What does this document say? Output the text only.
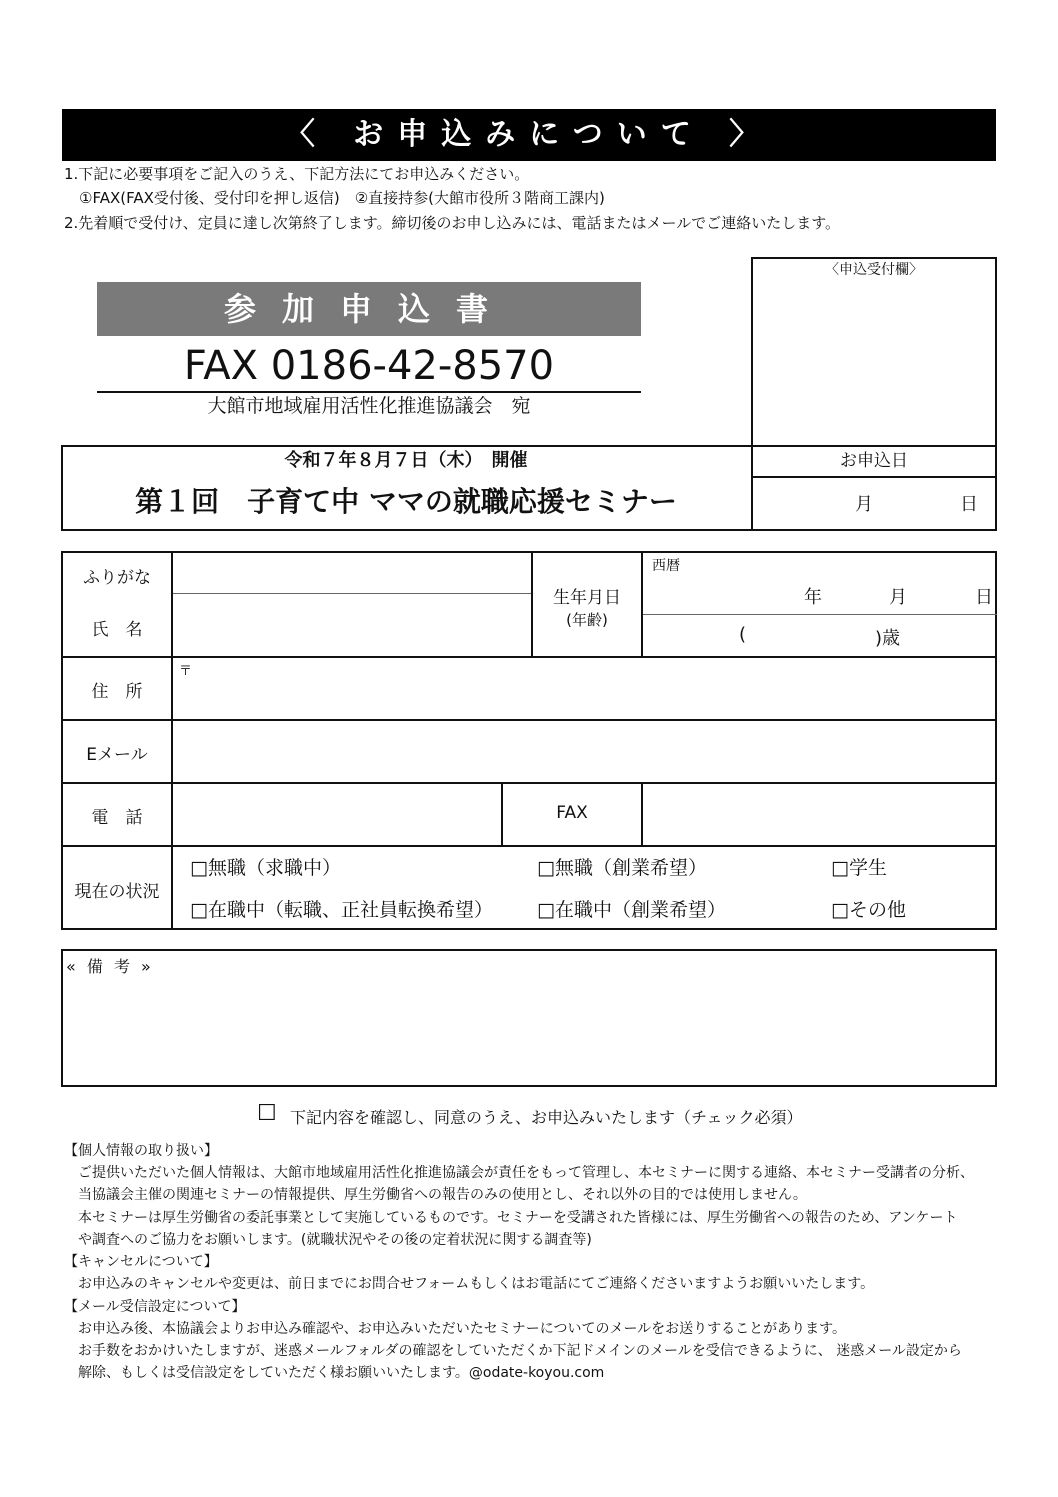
〈 お申込みについて 〉
1.下記に必要事項をご記入のうえ、下記方法にてお申込みください。
　①FAX(FAX受付後、受付印を押し返信)　②直接持参(大館市役所３階商工課内)
2.先着順で受付け、定員に達し次第終了します。締切後のお申し込みには、電話またはメールでご連絡いたします。
参加申込書
FAX 0186-42-8570
大館市地域雇用活性化推進協議会　宛
〈申込受付欄〉
令和７年８月７日（木）　開催
第１回　子育て中 ママの就職応援セミナー
お申込日
月	日
ふりがな
氏　名
生年月日
(年齢)
西暦
年	月	日
(	)歳
住　所
〒
Eメール
電　話	FAX
現在の状況
□無職（求職中）	□無職（創業希望）	□学生
□在職中（転職、正社員転換希望） □在職中（創業希望）	□その他
« 備 考 »
☐ 下記内容を確認し、同意のうえ、お申込みいたします（チェック必須）
【個人情報の取り扱い】
　ご提供いただいた個人情報は、大館市地域雇用活性化推進協議会が責任をもって管理し、本セミナーに関する連絡、本セミナー受講者の分析、
　当協議会主催の関連セミナーの情報提供、厚生労働省への報告のみの使用とし、それ以外の目的では使用しません。
　本セミナーは厚生労働省の委託事業として実施しているものです。セミナーを受講された皆様には、厚生労働省への報告のため、アンケート
　や調査へのご協力をお願いします。(就職状況やその後の定着状況に関する調査等)
【キャンセルについて】
　お申込みのキャンセルや変更は、前日までにお問合せフォームもしくはお電話にてご連絡くださいますようお願いいたします。
【メール受信設定について】
　お申込み後、本協議会よりお申込み確認や、お申込みいただいたセミナーについてのメールをお送りすることがあります。
　お手数をおかけいたしますが、迷惑メールフォルダの確認をしていただくか下記ドメインのメールを受信できるように、 迷惑メール設定から
　解除、もしくは受信設定をしていただく様お願いいたします。@odate-koyou.com
